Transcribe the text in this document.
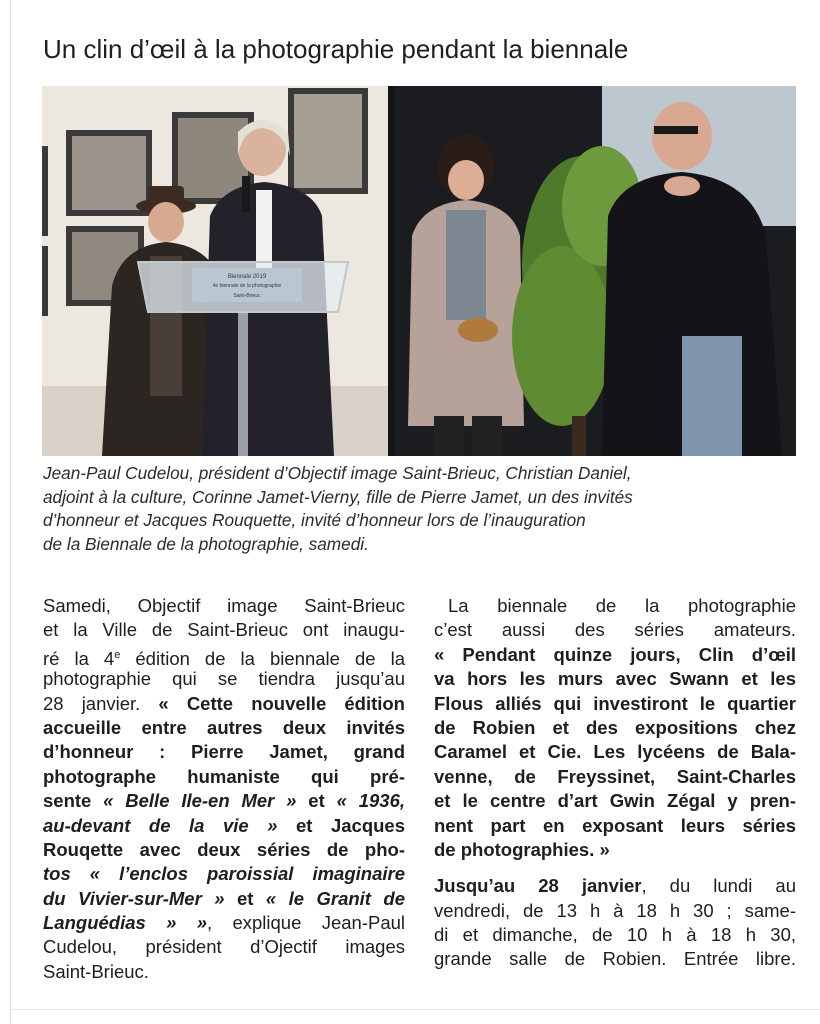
Un clin d’œil à la photographie pendant la biennale
Biennale 2019
4e biennale de la photographie
Saint-Brieuc
Jean-Paul Cudelou, président d’Objectif image Saint-Brieuc, Christian Daniel,
adjoint à la culture, Corinne Jamet-Vierny, fille de Pierre Jamet, un des invités
d’honneur et Jacques Rouquette, invité d’honneur lors de l’inauguration
de la Biennale de la photographie, samedi.
Samedi, Objectif image Saint-Brieuc
et la Ville de Saint-Brieuc ont inaugu-
ré la 4e édition de la biennale de la
photographie qui se tiendra jusqu’au
28 janvier. « Cette nouvelle édition
accueille entre autres deux invités
d’honneur : Pierre Jamet, grand
photographe humaniste qui pré-
sente « Belle Ile-en Mer » et « 1936,
au-devant de la vie » et Jacques
Rouqette avec deux séries de pho-
tos « l’enclos paroissial imaginaire
du Vivier-sur-Mer » et « le Granit de
Languédias » », explique Jean-Paul
Cudelou, président d’Ojectif images
Saint-Brieuc.
La biennale de la photographie
c’est aussi des séries amateurs.
« Pendant quinze jours, Clin d’œil
va hors les murs avec Swann et les
Flous alliés qui investiront le quartier
de Robien et des expositions chez
Caramel et Cie. Les lycéens de Bala-
venne, de Freyssinet, Saint-Charles
et le centre d’art Gwin Zégal y pren-
nent part en exposant leurs séries
de photographies. »
Jusqu’au 28 janvier, du lundi au
vendredi, de 13 h à 18 h 30 ; same-
di et dimanche, de 10 h à 18 h 30,
grande salle de Robien. Entrée libre.
